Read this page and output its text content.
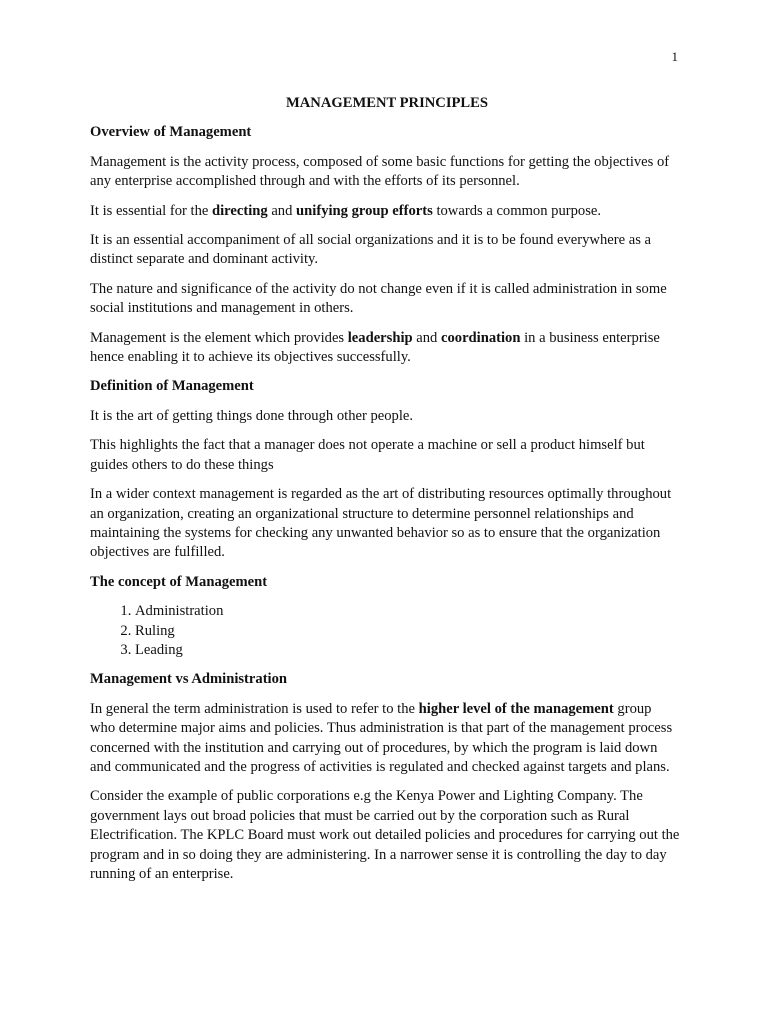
1
MANAGEMENT PRINCIPLES
Overview of Management

Management is the activity process, composed of some basic functions for getting the objectives of any enterprise accomplished through and with the efforts of its personnel.

It is essential for the directing and unifying group efforts towards a common purpose.

It is an essential accompaniment of all social organizations and it is to be found everywhere as a distinct separate and dominant activity.

The nature and significance of the activity do not change even if it is called administration in some social institutions and management in others.

Management is the element which provides leadership and coordination in a business enterprise hence enabling it to achieve its objectives successfully.

Definition of Management

It is the art of getting things done through other people.

This highlights the fact that a manager does not operate a machine or sell a product himself but guides others to do these things

In a wider context management is regarded as the art of distributing resources optimally throughout an organization, creating an organizational structure to determine personnel relationships and maintaining the systems for checking any unwanted behavior so as to ensure that the organization objectives are fulfilled.

The concept of Management
1. Administration
2. Ruling
3. Leading
Management vs Administration

In general the term administration is used to refer to the higher level of the management group who determine major aims and policies. Thus administration is that part of the management process concerned with the institution and carrying out of procedures, by which the program is laid down and communicated and the progress of activities is regulated and checked against targets and plans.

Consider the example of public corporations e.g the Kenya Power and Lighting Company. The government lays out broad policies that must be carried out by the corporation such as Rural Electrification. The KPLC Board must work out detailed policies and procedures for carrying out the program and in so doing they are administering. In a narrower sense it is controlling the day to day running of an enterprise.
